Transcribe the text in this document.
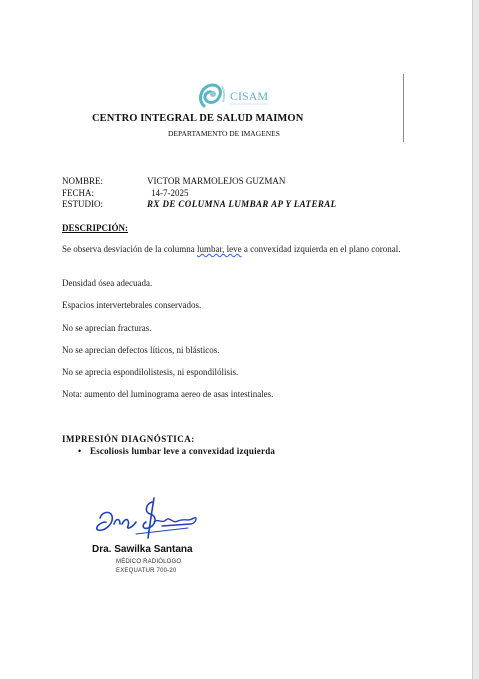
CISAM
CENTRO INTEGRAL DE SALUD MAIMON
DEPARTAMENTO DE IMAGENES
NOMBRE:	VICTOR MARMOLEJOS GUZMAN
FECHA:	14-7-2025
ESTUDIO:	RX DE COLUMNA LUMBAR AP Y LATERAL
DESCRIPCIÓN:
Se observa desviación de la columna lumbar, leve a convexidad izquierda en el plano coronal.
Densidad ósea adecuada.
Espacios intervertebrales conservados.
No se aprecian fracturas.
No se aprecian defectos líticos, ni blásticos.
No se aprecia espondilolistesis, ni espondilólisis.
Nota: aumento del luminograma aereo de asas intestinales.
IMPRESIÓN DIAGNÓSTICA:
• Escoliosis lumbar leve a convexidad izquierda
Dra. Sawilka Santana
MÉDICO RADIÓLOGO
EXEQUATUR 700-20
